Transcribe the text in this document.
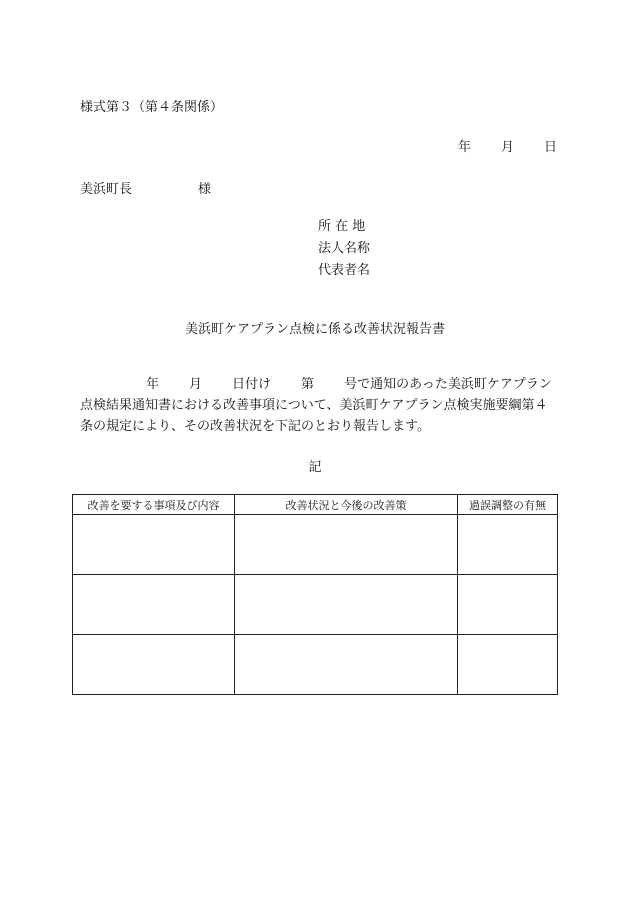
様式第３（第４条関係）
年 月 日
美浜町長	様
所 在 地
法人名称
代表者名
美浜町ケアプラン点検に係る改善状況報告書
年 月 日付け 第 号で通知のあった美浜町ケアプラン点検結果通知書における改善事項について、美浜町ケアプラン点検実施要綱第４条の規定により、その改善状況を下記のとおり報告します。
記
改善を要する事項及び内容	改善状況と今後の改善策	過誤調整の有無
